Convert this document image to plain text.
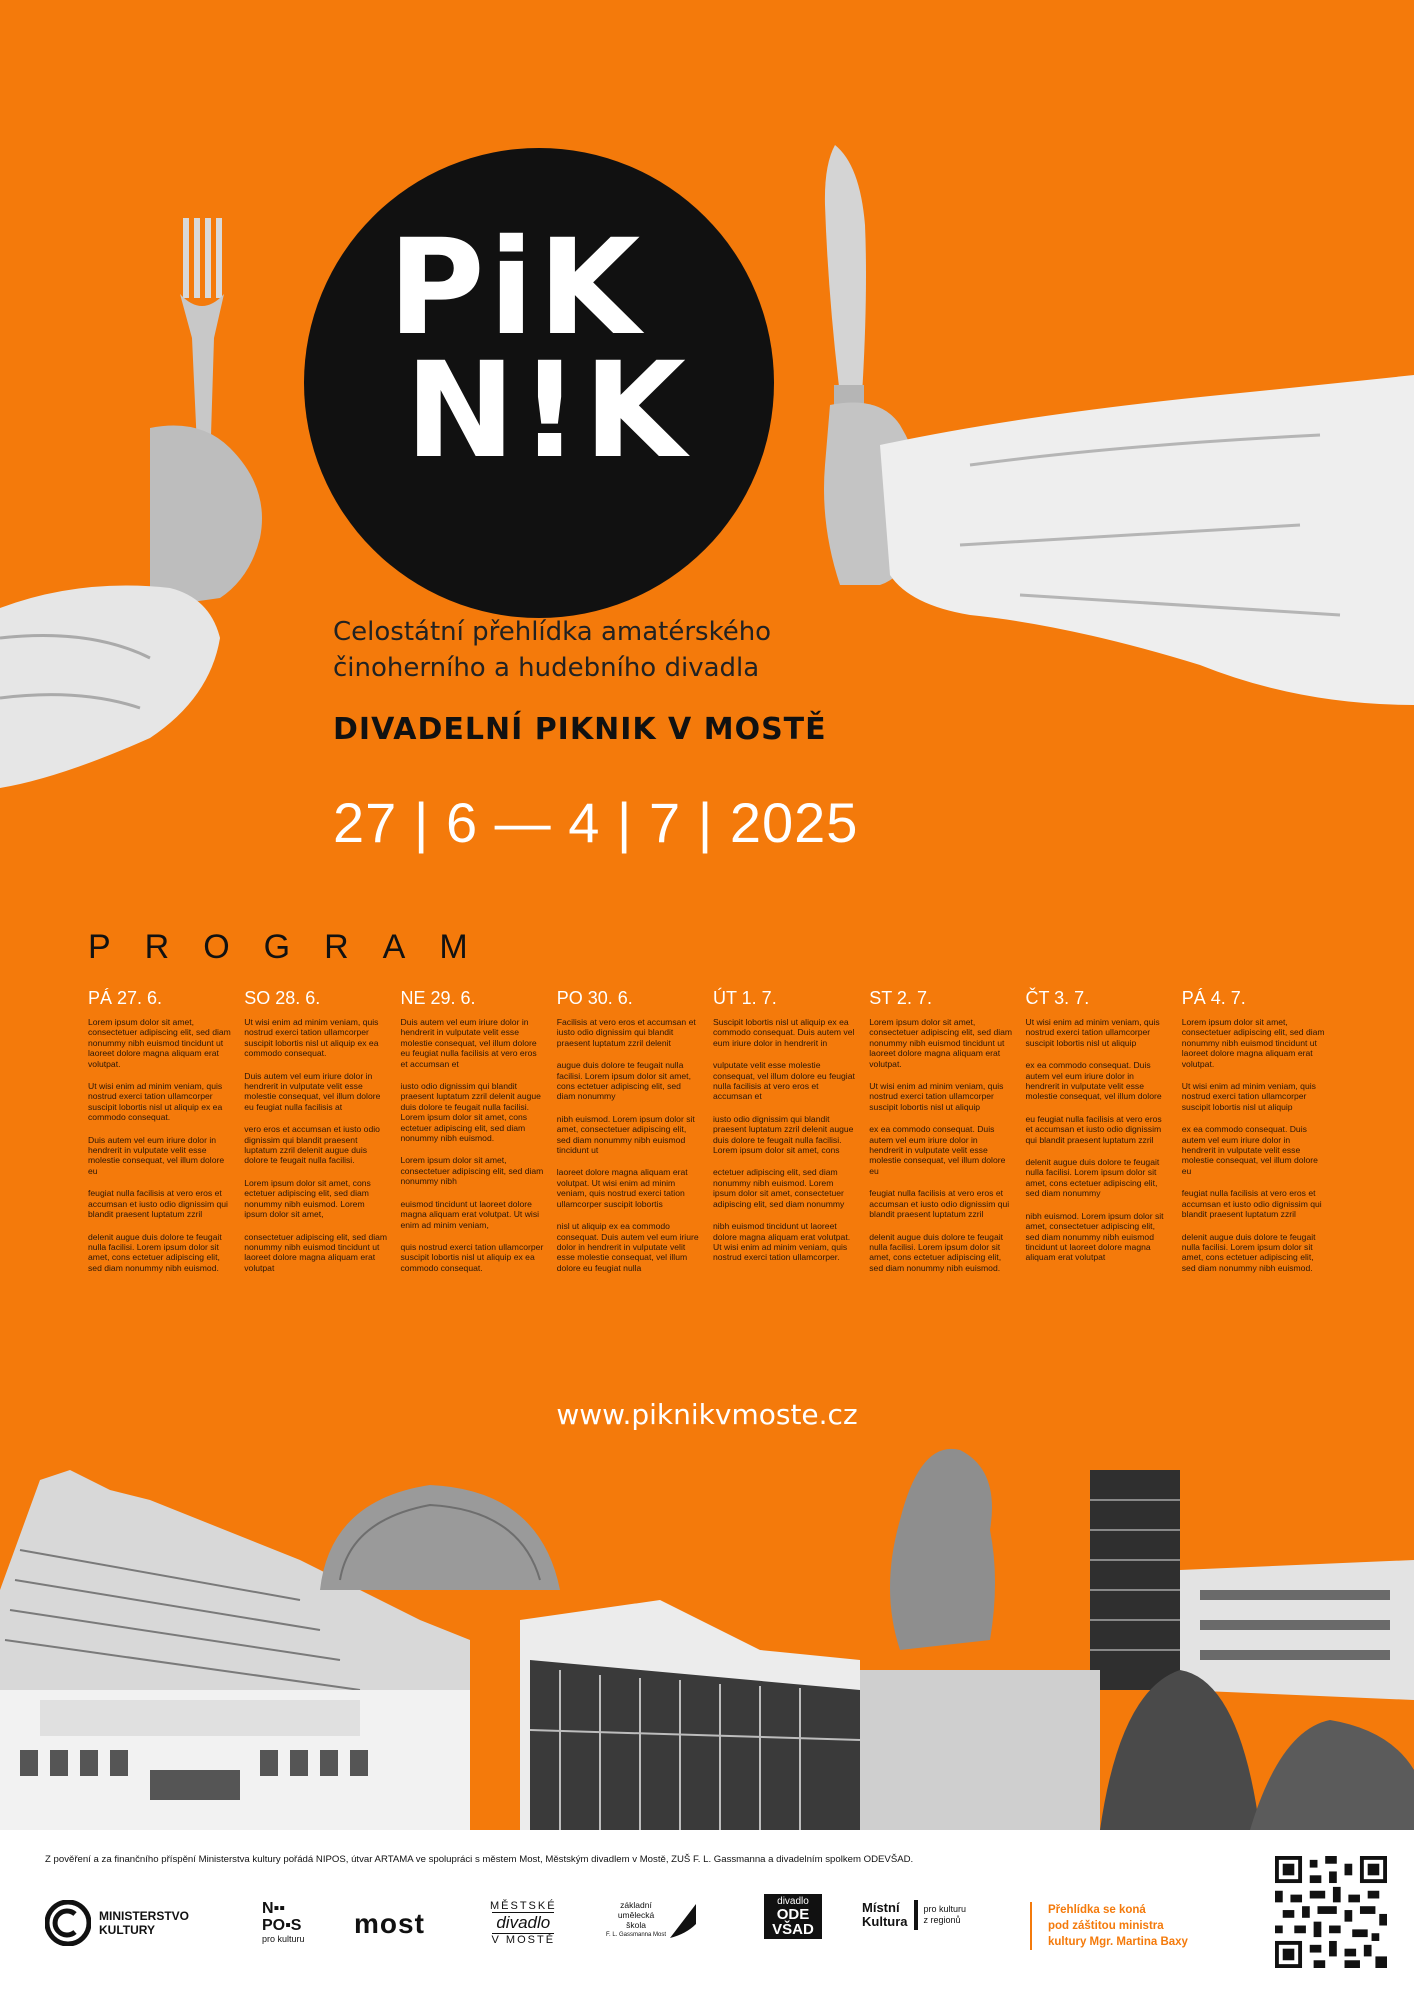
PiK
N!K
Celostátní přehlídka amatérského
činoherního a hudebního divadla
DIVADELNÍ PIKNIK V MOSTĚ
27 | 6 — 4 | 7 | 2025
PROGRAM
PÁ 27. 6.

Lorem ipsum dolor sit amet, consectetuer adipiscing elit, sed diam nonummy nibh euismod tincidunt ut laoreet dolore magna aliquam erat volutpat.

Ut wisi enim ad minim veniam, quis nostrud exerci tation ullamcorper suscipit lobortis nisl ut aliquip ex ea commodo consequat.

Duis autem vel eum iriure dolor in hendrerit in vulputate velit esse molestie consequat, vel illum dolore eu

feugiat nulla facilisis at vero eros et accumsan et iusto odio dignissim qui blandit praesent luptatum zzril

delenit augue duis dolore te feugait nulla facilisi. Lorem ipsum dolor sit amet, cons ectetuer adipiscing elit, sed diam nonummy nibh euismod.

SO 28. 6.

Ut wisi enim ad minim veniam, quis nostrud exerci tation ullamcorper suscipit lobortis nisl ut aliquip ex ea commodo consequat.

Duis autem vel eum iriure dolor in hendrerit in vulputate velit esse molestie consequat, vel illum dolore eu feugiat nulla facilisis at

vero eros et accumsan et iusto odio dignissim qui blandit praesent luptatum zzril delenit augue duis dolore te feugait nulla facilisi.

Lorem ipsum dolor sit amet, cons ectetuer adipiscing elit, sed diam nonummy nibh euismod. Lorem ipsum dolor sit amet,

consectetuer adipiscing elit, sed diam nonummy nibh euismod tincidunt ut laoreet dolore magna aliquam erat volutpat

NE 29. 6.

Duis autem vel eum iriure dolor in hendrerit in vulputate velit esse molestie consequat, vel illum dolore eu feugiat nulla facilisis at vero eros et accumsan et

iusto odio dignissim qui blandit praesent luptatum zzril delenit augue duis dolore te feugait nulla facilisi. Lorem ipsum dolor sit amet, cons ectetuer adipiscing elit, sed diam nonummy nibh euismod.

Lorem ipsum dolor sit amet, consectetuer adipiscing elit, sed diam nonummy nibh

euismod tincidunt ut laoreet dolore magna aliquam erat volutpat. Ut wisi enim ad minim veniam,

quis nostrud exerci tation ullamcorper suscipit lobortis nisl ut aliquip ex ea commodo consequat.

PO 30. 6.

Facilisis at vero eros et accumsan et iusto odio dignissim qui blandit praesent luptatum zzril delenit

augue duis dolore te feugait nulla facilisi. Lorem ipsum dolor sit amet, cons ectetuer adipiscing elit, sed diam nonummy

nibh euismod. Lorem ipsum dolor sit amet, consectetuer adipiscing elit, sed diam nonummy nibh euismod tincidunt ut

laoreet dolore magna aliquam erat volutpat. Ut wisi enim ad minim veniam, quis nostrud exerci tation ullamcorper suscipit lobortis

nisl ut aliquip ex ea commodo consequat. Duis autem vel eum iriure dolor in hendrerit in vulputate velit esse molestie consequat, vel illum dolore eu feugiat nulla

ÚT 1. 7.

Suscipit lobortis nisl ut aliquip ex ea commodo consequat. Duis autem vel eum iriure dolor in hendrerit in

vulputate velit esse molestie consequat, vel illum dolore eu feugiat nulla facilisis at vero eros et accumsan et

iusto odio dignissim qui blandit praesent luptatum zzril delenit augue duis dolore te feugait nulla facilisi. Lorem ipsum dolor sit amet, cons

ectetuer adipiscing elit, sed diam nonummy nibh euismod. Lorem ipsum dolor sit amet, consectetuer adipiscing elit, sed diam nonummy

nibh euismod tincidunt ut laoreet dolore magna aliquam erat volutpat. Ut wisi enim ad minim veniam, quis nostrud exerci tation ullamcorper.

ST 2. 7.

Lorem ipsum dolor sit amet, consectetuer adipiscing elit, sed diam nonummy nibh euismod tincidunt ut laoreet dolore magna aliquam erat volutpat.

Ut wisi enim ad minim veniam, quis nostrud exerci tation ullamcorper suscipit lobortis nisl ut aliquip

ex ea commodo consequat. Duis autem vel eum iriure dolor in hendrerit in vulputate velit esse molestie consequat, vel illum dolore eu

feugiat nulla facilisis at vero eros et accumsan et iusto odio dignissim qui blandit praesent luptatum zzril

delenit augue duis dolore te feugait nulla facilisi. Lorem ipsum dolor sit amet, cons ectetuer adipiscing elit, sed diam nonummy nibh euismod.

ČT 3. 7.

Ut wisi enim ad minim veniam, quis nostrud exerci tation ullamcorper suscipit lobortis nisl ut aliquip

ex ea commodo consequat. Duis autem vel eum iriure dolor in hendrerit in vulputate velit esse molestie consequat, vel illum dolore

eu feugiat nulla facilisis at vero eros et accumsan et iusto odio dignissim qui blandit praesent luptatum zzril

delenit augue duis dolore te feugait nulla facilisi. Lorem ipsum dolor sit amet, cons ectetuer adipiscing elit, sed diam nonummy

nibh euismod. Lorem ipsum dolor sit amet, consectetuer adipiscing elit, sed diam nonummy nibh euismod tincidunt ut laoreet dolore magna aliquam erat volutpat

PÁ 4. 7.

Lorem ipsum dolor sit amet, consectetuer adipiscing elit, sed diam nonummy nibh euismod tincidunt ut laoreet dolore magna aliquam erat volutpat.

Ut wisi enim ad minim veniam, quis nostrud exerci tation ullamcorper suscipit lobortis nisl ut aliquip

ex ea commodo consequat. Duis autem vel eum iriure dolor in hendrerit in vulputate velit esse molestie consequat, vel illum dolore eu

feugiat nulla facilisis at vero eros et accumsan et iusto odio dignissim qui blandit praesent luptatum zzril

delenit augue duis dolore te feugait nulla facilisi. Lorem ipsum dolor sit amet, cons ectetuer adipiscing elit, sed diam nonummy nibh euismod.

www.piknikvmoste.cz
Z pověření a za finančního příspění Ministerstva kultury pořádá NIPOS, útvar ARTAMA ve spolupráci s městem Most, Městským divadlem v Mostě, ZUŠ F. L. Gassmanna a divadelním spolkem ODEVŠAD.
MINISTERSTVO
KULTURY
N▪▪
PO▪S
pro kulturu most
MĚSTSKÉ
divadlo
V MOSTĚ
základní
umělecká
škola
F. L. Gassmanna Most
divadlo
ODE
VŠAD
Místní
Kultura
pro kulturu
z regionů
Přehlídka se koná
pod záštitou ministra
kultury Mgr. Martina Baxy
